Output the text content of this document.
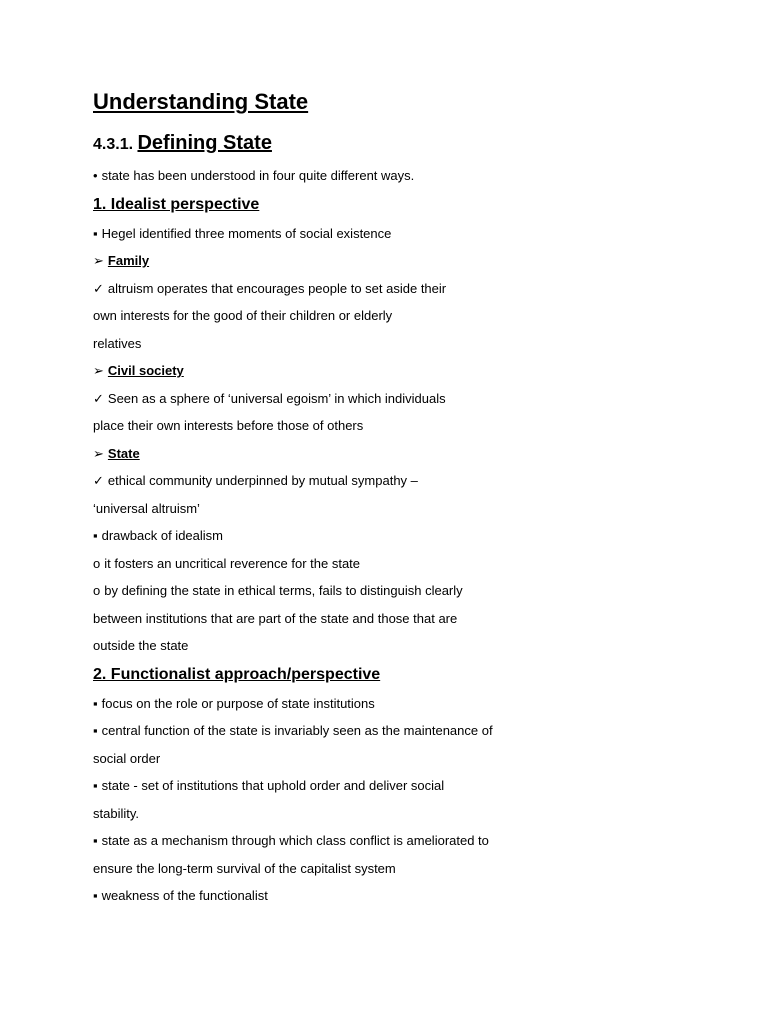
Understanding State
4.3.1. Defining State
• state has been understood in four quite different ways.
1. Idealist perspective
▪ Hegel identified three moments of social existence
➢ Family
✓ altruism operates that encourages people to set aside their
own interests for the good of their children or elderly
relatives
➢ Civil society
✓ Seen as a sphere of ‘universal egoism’ in which individuals
place their own interests before those of others
➢ State
✓ ethical community underpinned by mutual sympathy –
‘universal altruism’
▪ drawback of idealism
o it fosters an uncritical reverence for the state
o by defining the state in ethical terms, fails to distinguish clearly
between institutions that are part of the state and those that are
outside the state
2. Functionalist approach/perspective
▪ focus on the role or purpose of state institutions
▪ central function of the state is invariably seen as the maintenance of
social order
▪ state - set of institutions that uphold order and deliver social
stability.
▪ state as a mechanism through which class conflict is ameliorated to
ensure the long-term survival of the capitalist system
▪ weakness of the functionalist
